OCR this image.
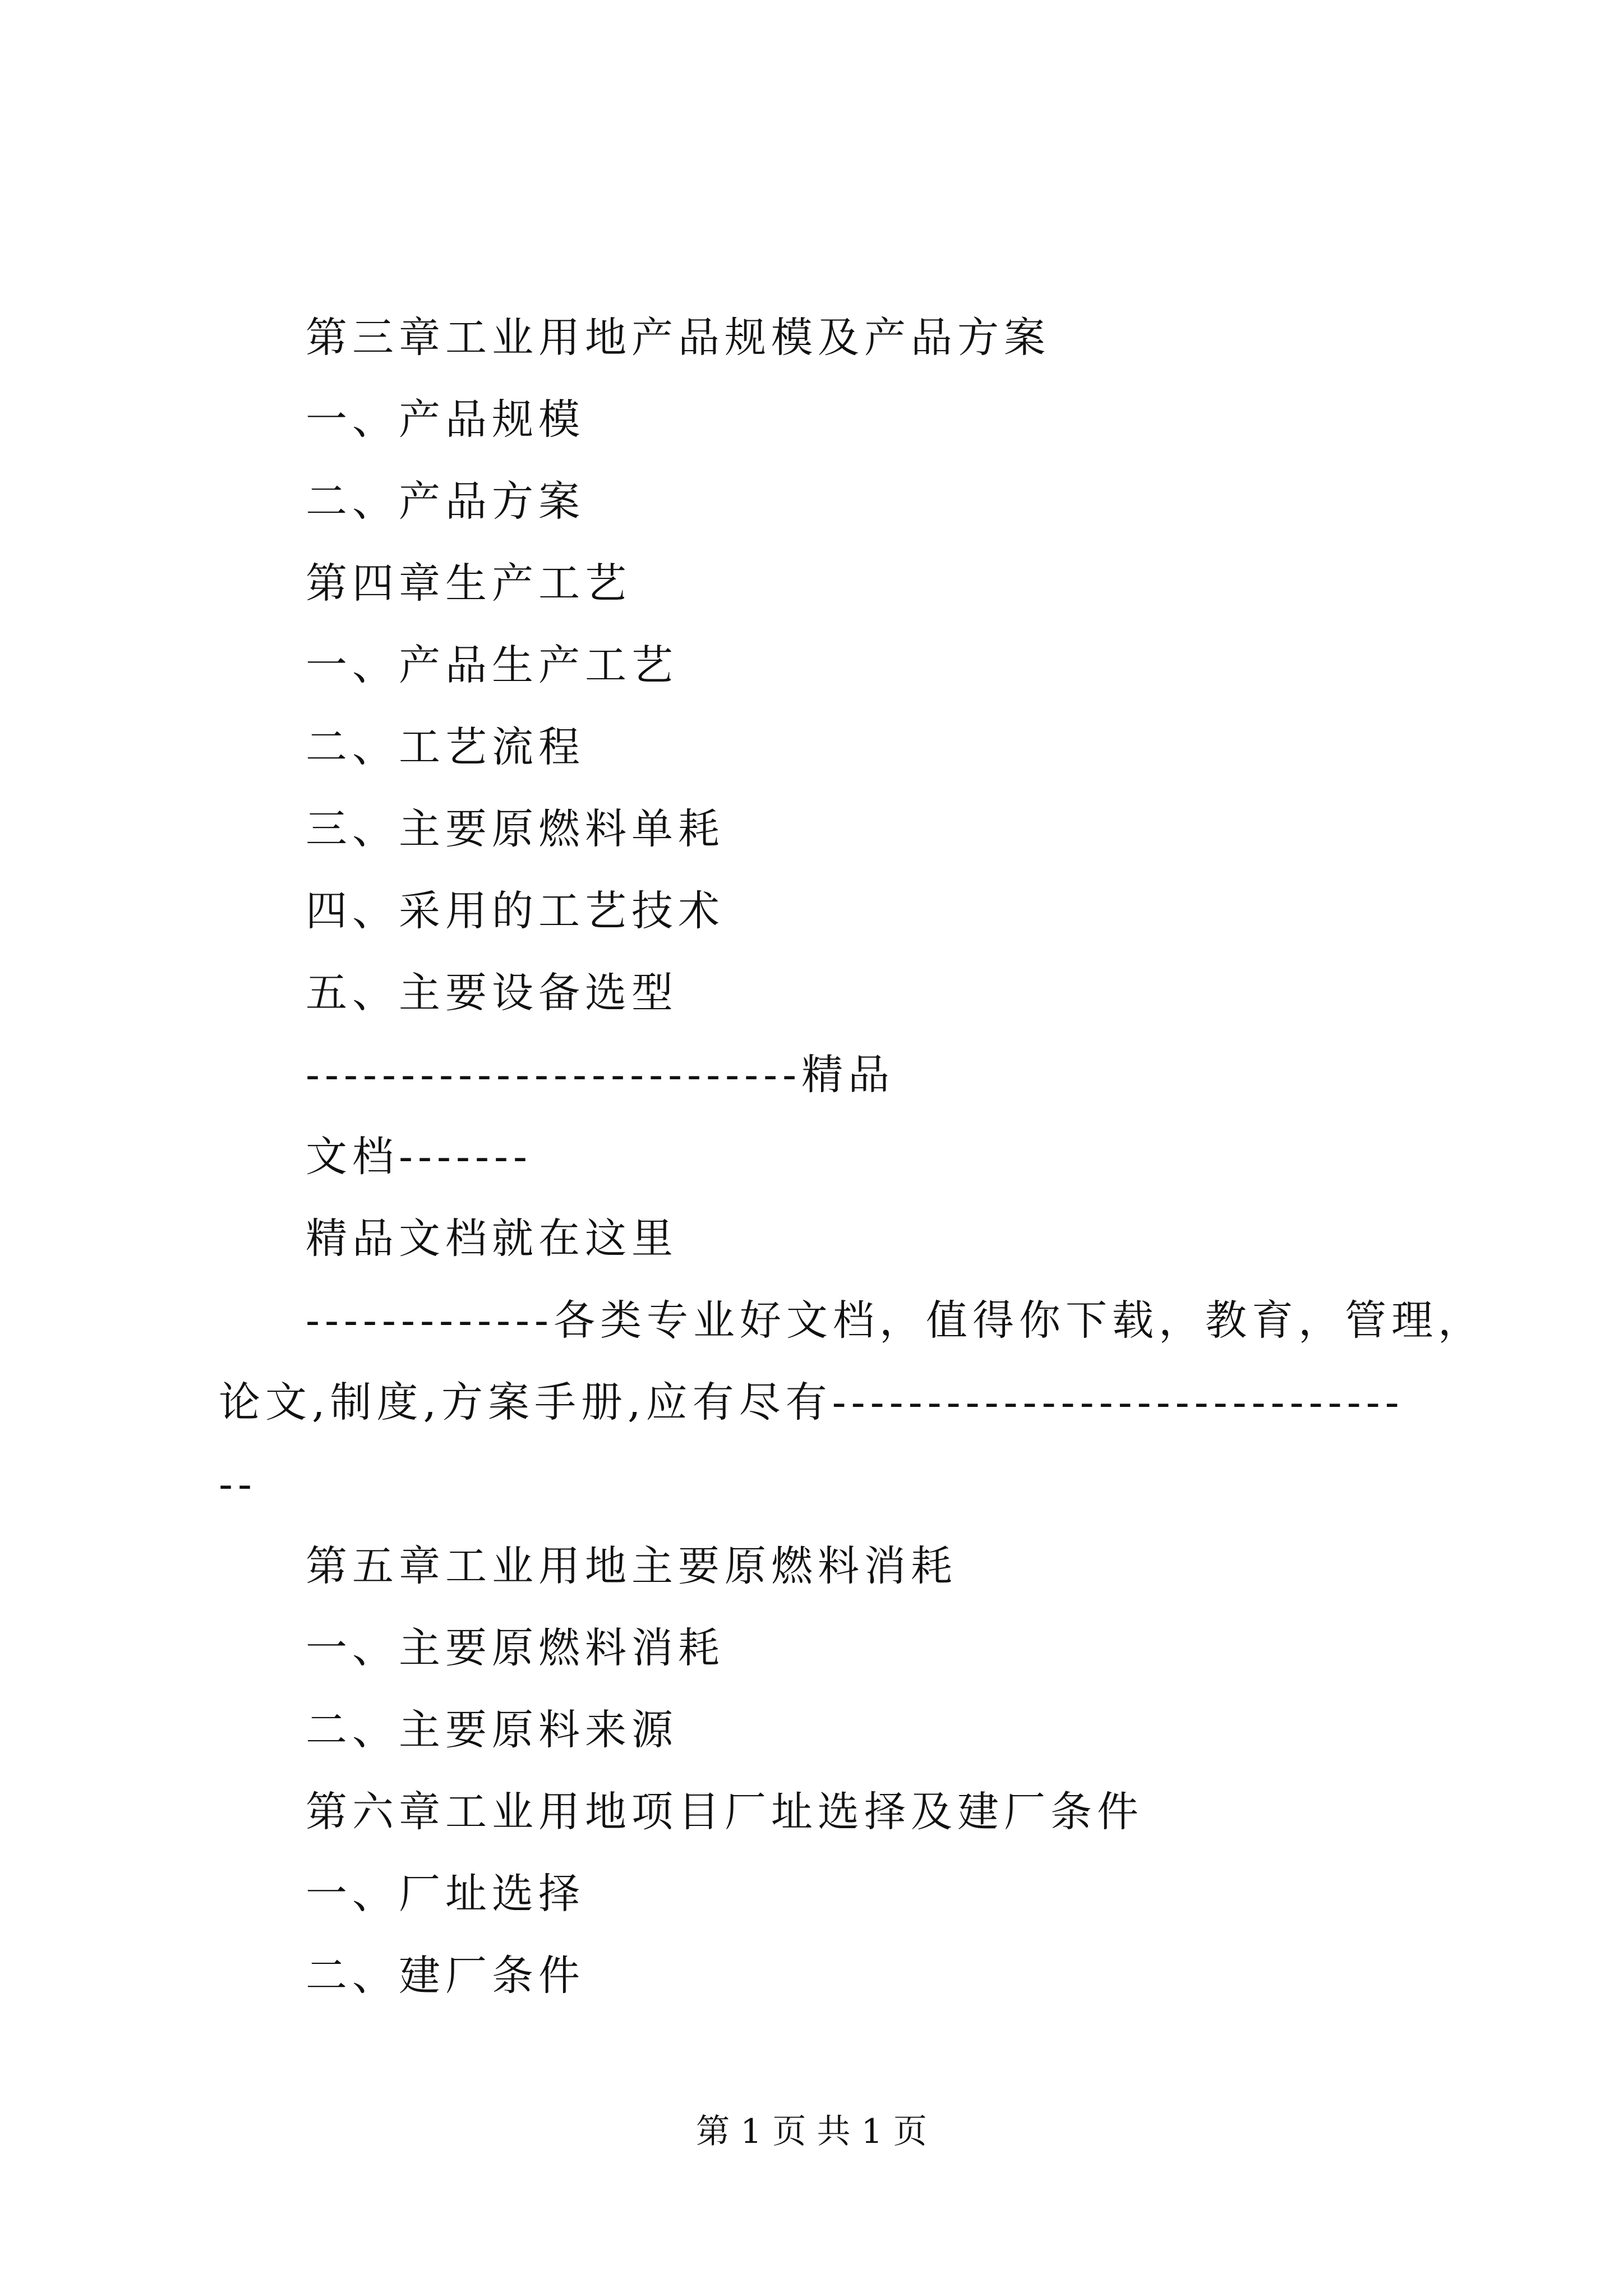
第三章工业用地产品规模及产品方案
一、产品规模
二、产品方案
第四章生产工艺
一、产品生产工艺
二、工艺流程
三、主要原燃料单耗
四、采用的工艺技术
五、主要设备选型
--------------------------精品
文档-------
精品文档就在这里
-------------各类专业好文档，值得你下载，教育，管理，
论文,制度,方案手册,应有尽有------------------------------
--
第五章工业用地主要原燃料消耗
一、主要原燃料消耗
二、主要原料来源
第六章工业用地项目厂址选择及建厂条件
一、厂址选择
二、建厂条件
第 1 页 共 1 页
